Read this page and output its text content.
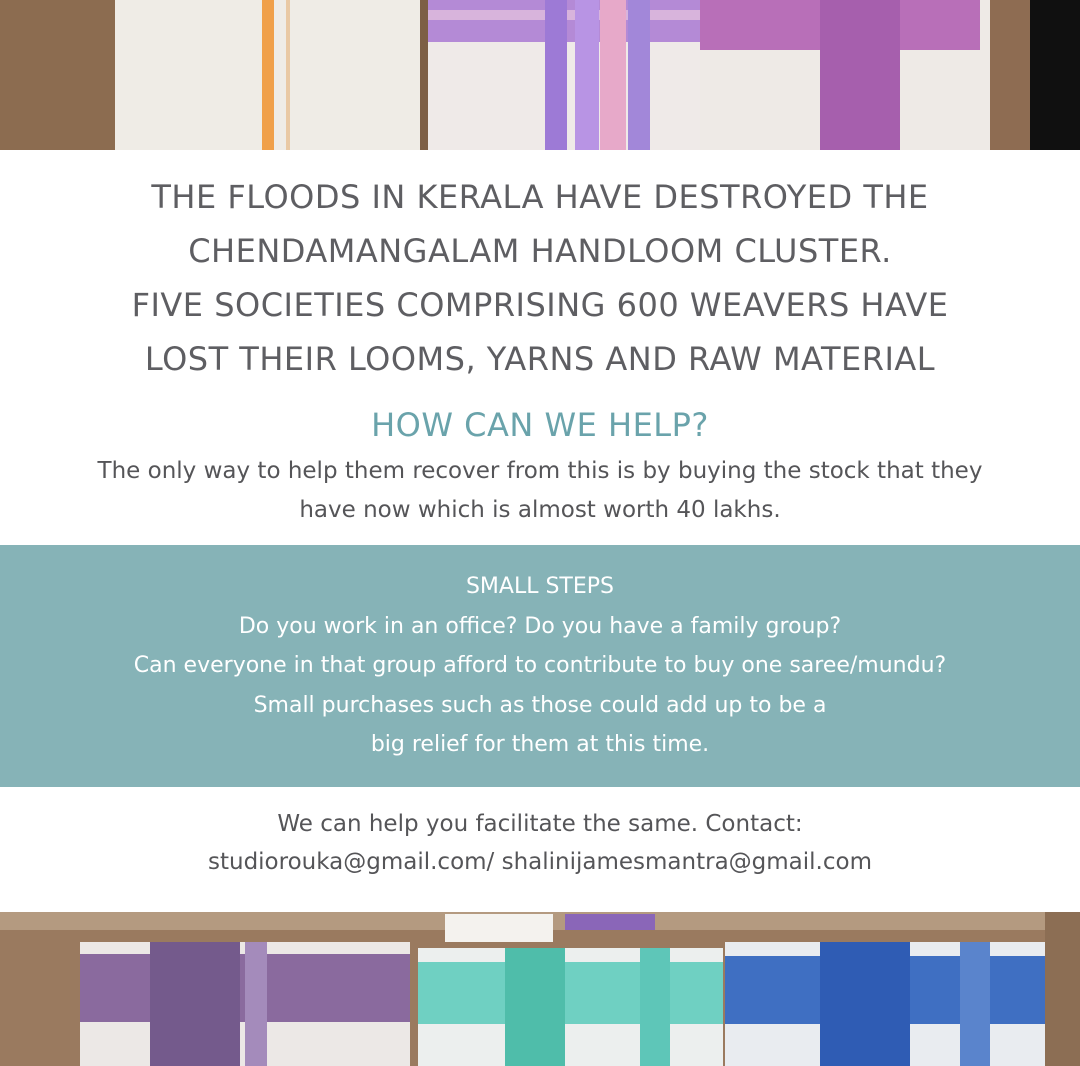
THE FLOODS IN KERALA HAVE DESTROYED THE
CHENDAMANGALAM HANDLOOM CLUSTER.
FIVE SOCIETIES COMPRISING 600 WEAVERS HAVE
LOST THEIR LOOMS, YARNS AND RAW MATERIAL
HOW CAN WE HELP?
The only way to help them recover from this is by buying the stock that they
have now which is almost worth 40 lakhs.
SMALL STEPS
Do you work in an office? Do you have a family group?
Can everyone in that group afford to contribute to buy one saree/mundu?
Small purchases such as those could add up to be a
big relief for them at this time.
We can help you facilitate the same. Contact:
studiorouka@gmail.com/ shalinijamesmantra@gmail.com
